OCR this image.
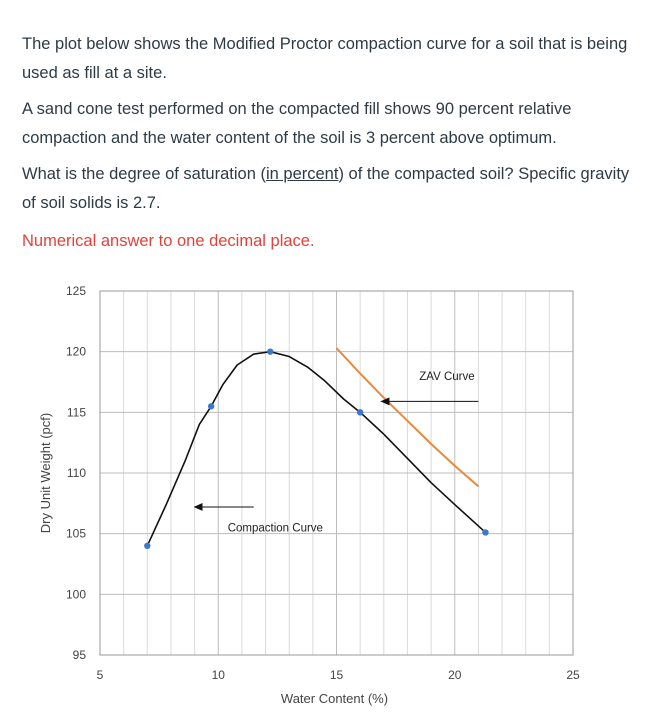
The plot below shows the Modified Proctor compaction curve for a soil that is being used as fill at a site.

A sand cone test performed on the compacted fill shows 90 percent relative compaction and the water content of the soil is 3 percent above optimum.

What is the degree of saturation (in percent) of the compacted soil? Specific gravity of soil solids is 2.7.

Numerical answer to one decimal place.

5	10	15	20	25
95
100
105
110
115
120
125
Compaction Curve
ZAV Curve
Water Content (%)
Dry Unit Weight (pcf)
